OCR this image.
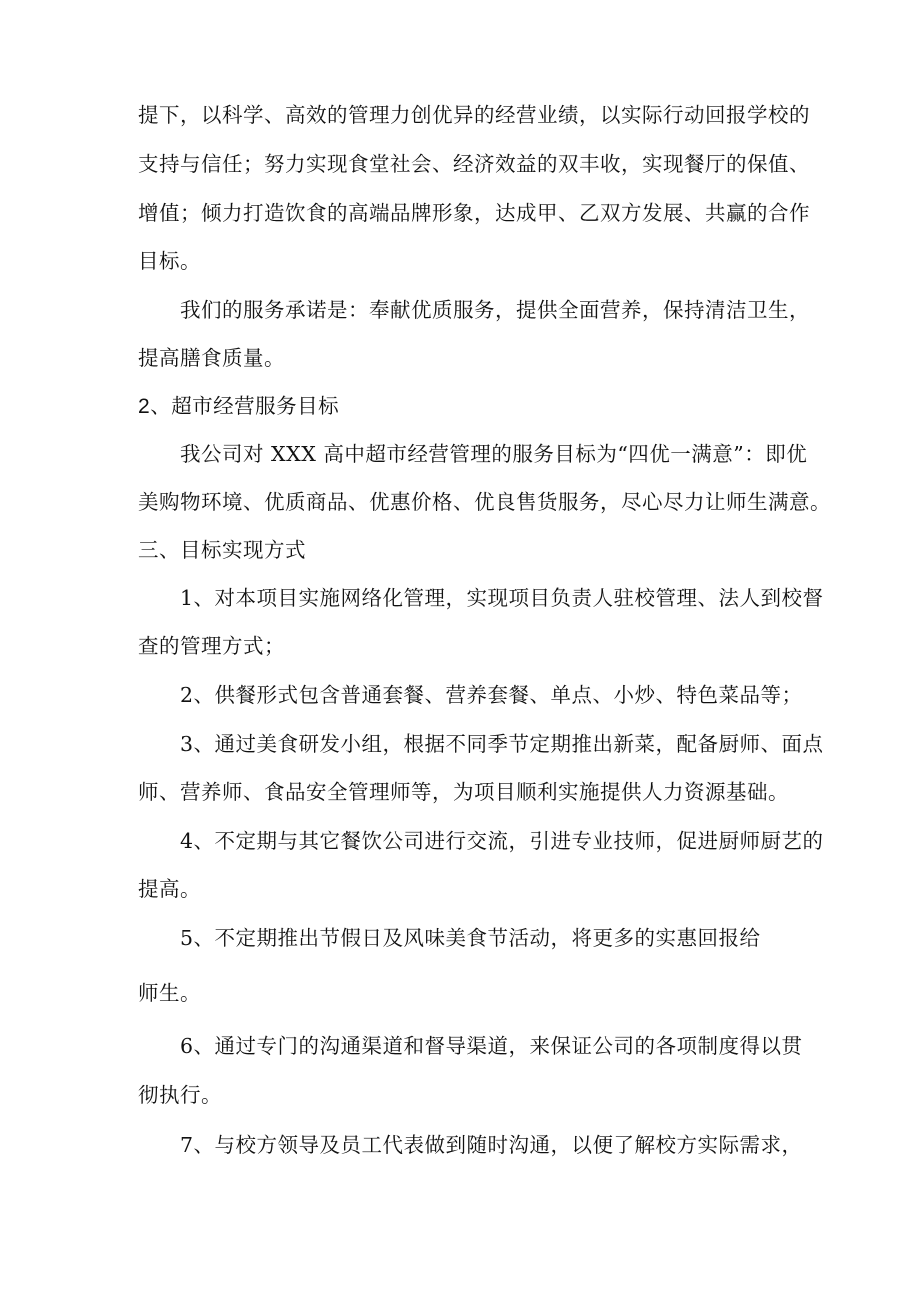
提下，以科学、高效的管理力创优异的经营业绩，以实际行动回报学校的
支持与信任；努力实现食堂社会、经济效益的双丰收，实现餐厅的保值、
增值；倾力打造饮食的高端品牌形象，达成甲、乙双方发展、共赢的合作
目标。
我们的服务承诺是：奉献优质服务，提供全面营养，保持清洁卫生，
提高膳食质量。
2、超市经营服务目标
我公司对 XXX 高中超市经营管理的服务目标为“四优一满意”：即优
美购物环境、优质商品、优惠价格、优良售货服务，尽心尽力让师生满意。
三、目标实现方式
1、对本项目实施网络化管理，实现项目负责人驻校管理、法人到校督
查的管理方式；
2、供餐形式包含普通套餐、营养套餐、单点、小炒、特色菜品等；
3、通过美食研发小组，根据不同季节定期推出新菜，配备厨师、面点
师、营养师、食品安全管理师等，为项目顺利实施提供人力资源基础。
4、不定期与其它餐饮公司进行交流，引进专业技师，促进厨师厨艺的
提高。
5、不定期推出节假日及风味美食节活动，将更多的实惠回报给
师生。
6、通过专门的沟通渠道和督导渠道，来保证公司的各项制度得以贯
彻执行。
7、与校方领导及员工代表做到随时沟通，以便了解校方实际需求，
